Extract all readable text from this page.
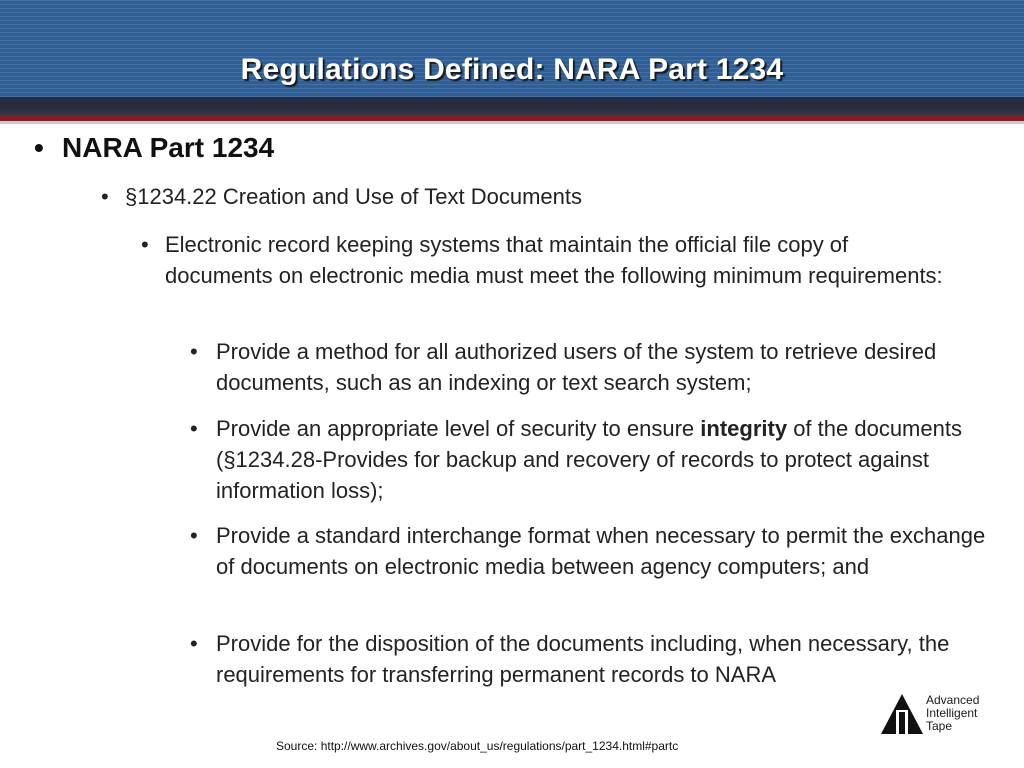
Regulations Defined: NARA Part 1234
• NARA Part 1234
• §1234.22 Creation and Use of Text Documents
• Electronic record keeping systems that maintain the official file copy of documents on electronic media must meet the following minimum requirements:
• Provide a method for all authorized users of the system to retrieve desired documents, such as an indexing or text search system;
• Provide an appropriate level of security to ensure integrity of the documents (§1234.28-Provides for backup and recovery of records to protect against information loss);
• Provide a standard interchange format when necessary to permit the exchange of documents on electronic media between agency computers; and
• Provide for the disposition of the documents including, when necessary, the requirements for transferring permanent records to NARA
Advanced
Intelligent
Tape
Source: http://www.archives.gov/about_us/regulations/part_1234.html#partc
